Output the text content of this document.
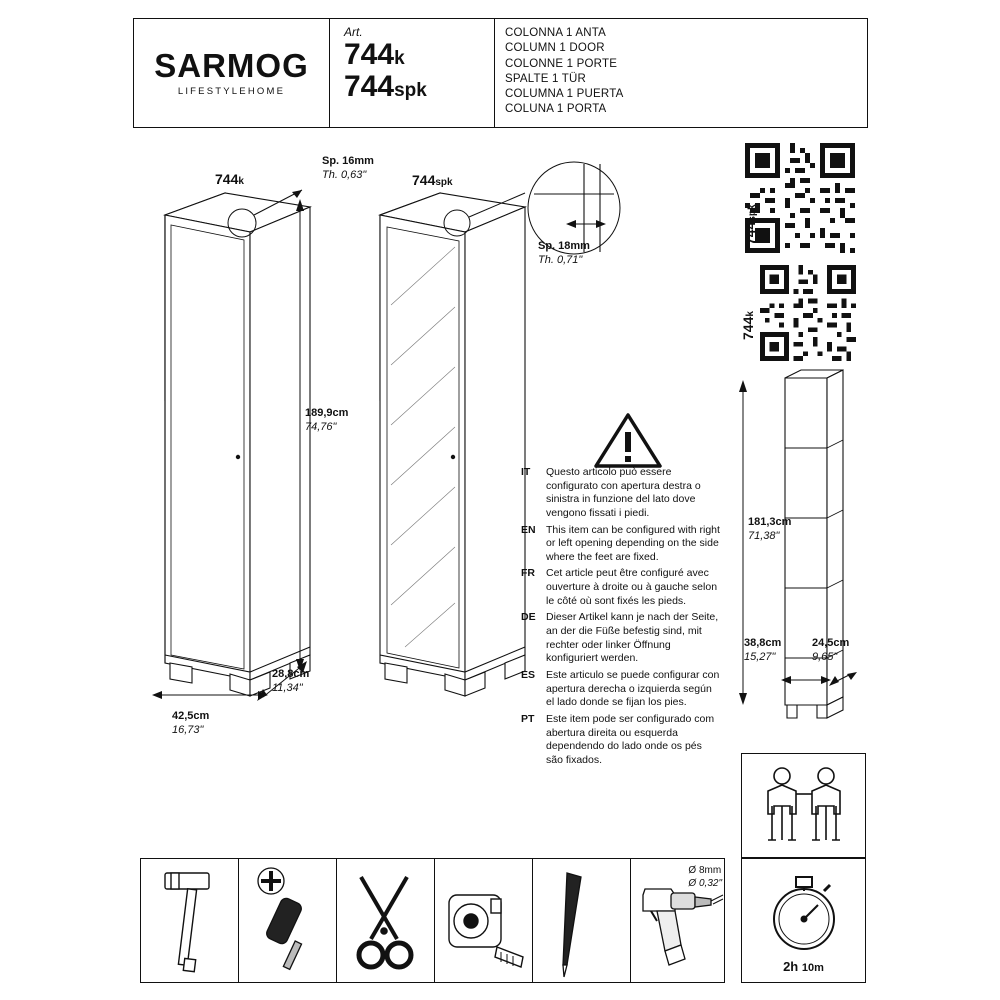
SARMOG
LIFESTYLEHOME
Art.
744k
744spk
COLONNA 1 ANTA
COLUMN 1 DOOR
COLONNE 1 PORTE
SPALTE 1 TÜR
COLUMNA 1 PUERTA
COLUNA 1 PORTA
744k
Sp. 16mm
Th. 0,63"
189,9cm
74,76"
42,5cm
16,73"
28,8cm
11,34"
744spk
Sp. 18mm
Th. 0,71"
744spk
744k
181,3cm
71,38"
38,8cm
15,27"
24,5cm
9,65"
IT	Questo articolo può essere configurato con apertura destra o sinistra in funzione del lato dove vengono fissati i piedi.
EN This item can be configured with right or left opening depending on the side where the feet are fixed.
FR	Cet article peut être configuré avec ouverture à droite ou à gauche selon le côté où sont fixés les pieds.
DE Dieser Artikel kann je nach der Seite, an der die Füße befestig sind, mit rechter oder linker Öffnung konfiguriert werden.
ES	Este articulo se puede configurar con apertura derecha o izquierda según el lado donde se fijan los pies.
PT	Este item pode ser configurado com abertura direita ou esquerda dependendo do lado onde os pés são fixados.
2h 10m
Ø 8mm
Ø 0,32"
